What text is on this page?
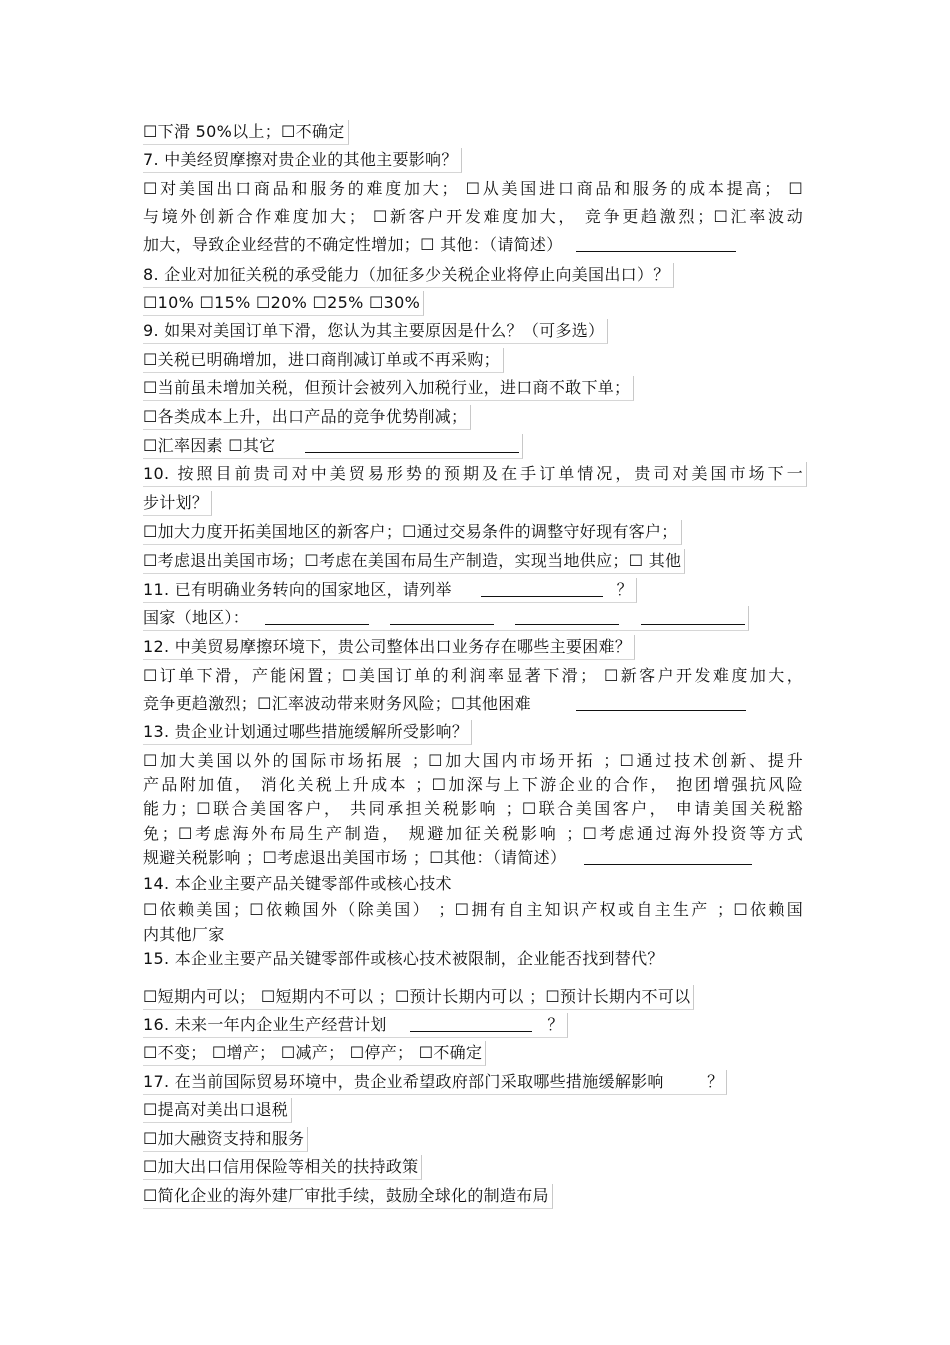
☐下滑 50%以上；☐不确定
7. 中美经贸摩擦对贵企业的其他主要影响？
☐对美国出口商品和服务的难度加大； ☐从美国进口商品和服务的成本提高； ☐
与境外创新合作难度加大； ☐新客户开发难度加大， 竞争更趋激烈；☐汇率波动
加大，导致企业经营的不确定性增加；☐ 其他：（请简述）
8. 企业对加征关税的承受能力（加征多少关税企业将停止向美国出口）？
☐10% ☐15% ☐20% ☐25% ☐30%
9. 如果对美国订单下滑，您认为其主要原因是什么？（可多选）
☐关税已明确增加，进口商削减订单或不再采购；
☐当前虽未增加关税，但预计会被列入加税行业，进口商不敢下单；
☐各类成本上升，出口产品的竞争优势削减；
☐汇率因素 ☐其它
10. 按照目前贵司对中美贸易形势的预期及在手订单情况，贵司对美国市场下一
步计划？
☐加大力度开拓美国地区的新客户；☐通过交易条件的调整守好现有客户；
☐考虑退出美国市场；☐考虑在美国布局生产制造，实现当地供应；☐ 其他
11. 已有明确业务转向的国家地区，请列举	？
国家（地区）：
12. 中美贸易摩擦环境下，贵公司整体出口业务存在哪些主要困难？
☐订单下滑，产能闲置；☐美国订单的利润率显著下滑； ☐新客户开发难度加大，
竞争更趋激烈；☐汇率波动带来财务风险；☐其他困难
13. 贵企业计划通过哪些措施缓解所受影响？
☐加大美国以外的国际市场拓展 ；☐加大国内市场开拓 ；☐通过技术创新、提升
产品附加值， 消化关税上升成本 ；☐加深与上下游企业的合作， 抱团增强抗风险
能力；☐联合美国客户， 共同承担关税影响 ；☐联合美国客户， 申请美国关税豁
免；☐考虑海外布局生产制造， 规避加征关税影响 ；☐考虑通过海外投资等方式
规避关税影响 ；☐考虑退出美国市场 ；☐其他：（请简述）
14. 本企业主要产品关键零部件或核心技术
☐依赖美国；☐依赖国外（除美国） ；☐拥有自主知识产权或自主生产 ；☐依赖国
内其他厂家
15. 本企业主要产品关键零部件或核心技术被限制，企业能否找到替代？
☐短期内可以； ☐短期内不可以 ；☐预计长期内可以 ；☐预计长期内不可以
16. 未来一年内企业生产经营计划	？
☐不变； ☐增产； ☐减产； ☐停产； ☐不确定
17. 在当前国际贸易环境中，贵企业希望政府部门采取哪些措施缓解影响	？
☐提高对美出口退税
☐加大融资支持和服务
☐加大出口信用保险等相关的扶持政策
☐简化企业的海外建厂审批手续，鼓励全球化的制造布局
